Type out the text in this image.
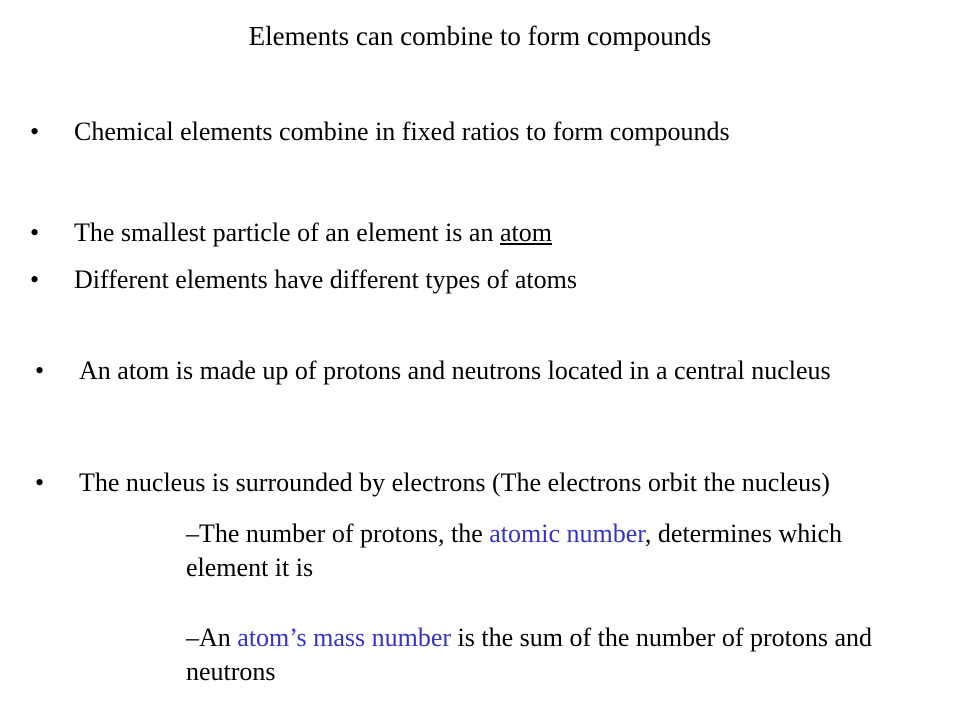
Elements can combine to form compounds
• Chemical elements combine in fixed ratios to form compounds
• The smallest particle of an element is an atom
• Different elements have different types of atoms
• An atom is made up of protons and neutrons located in a central nucleus
• The nucleus is surrounded by electrons (The electrons orbit the nucleus)
–The number of protons, the atomic number, determines which element it is
–An atom’s mass number is the sum of the number of protons and neutrons
